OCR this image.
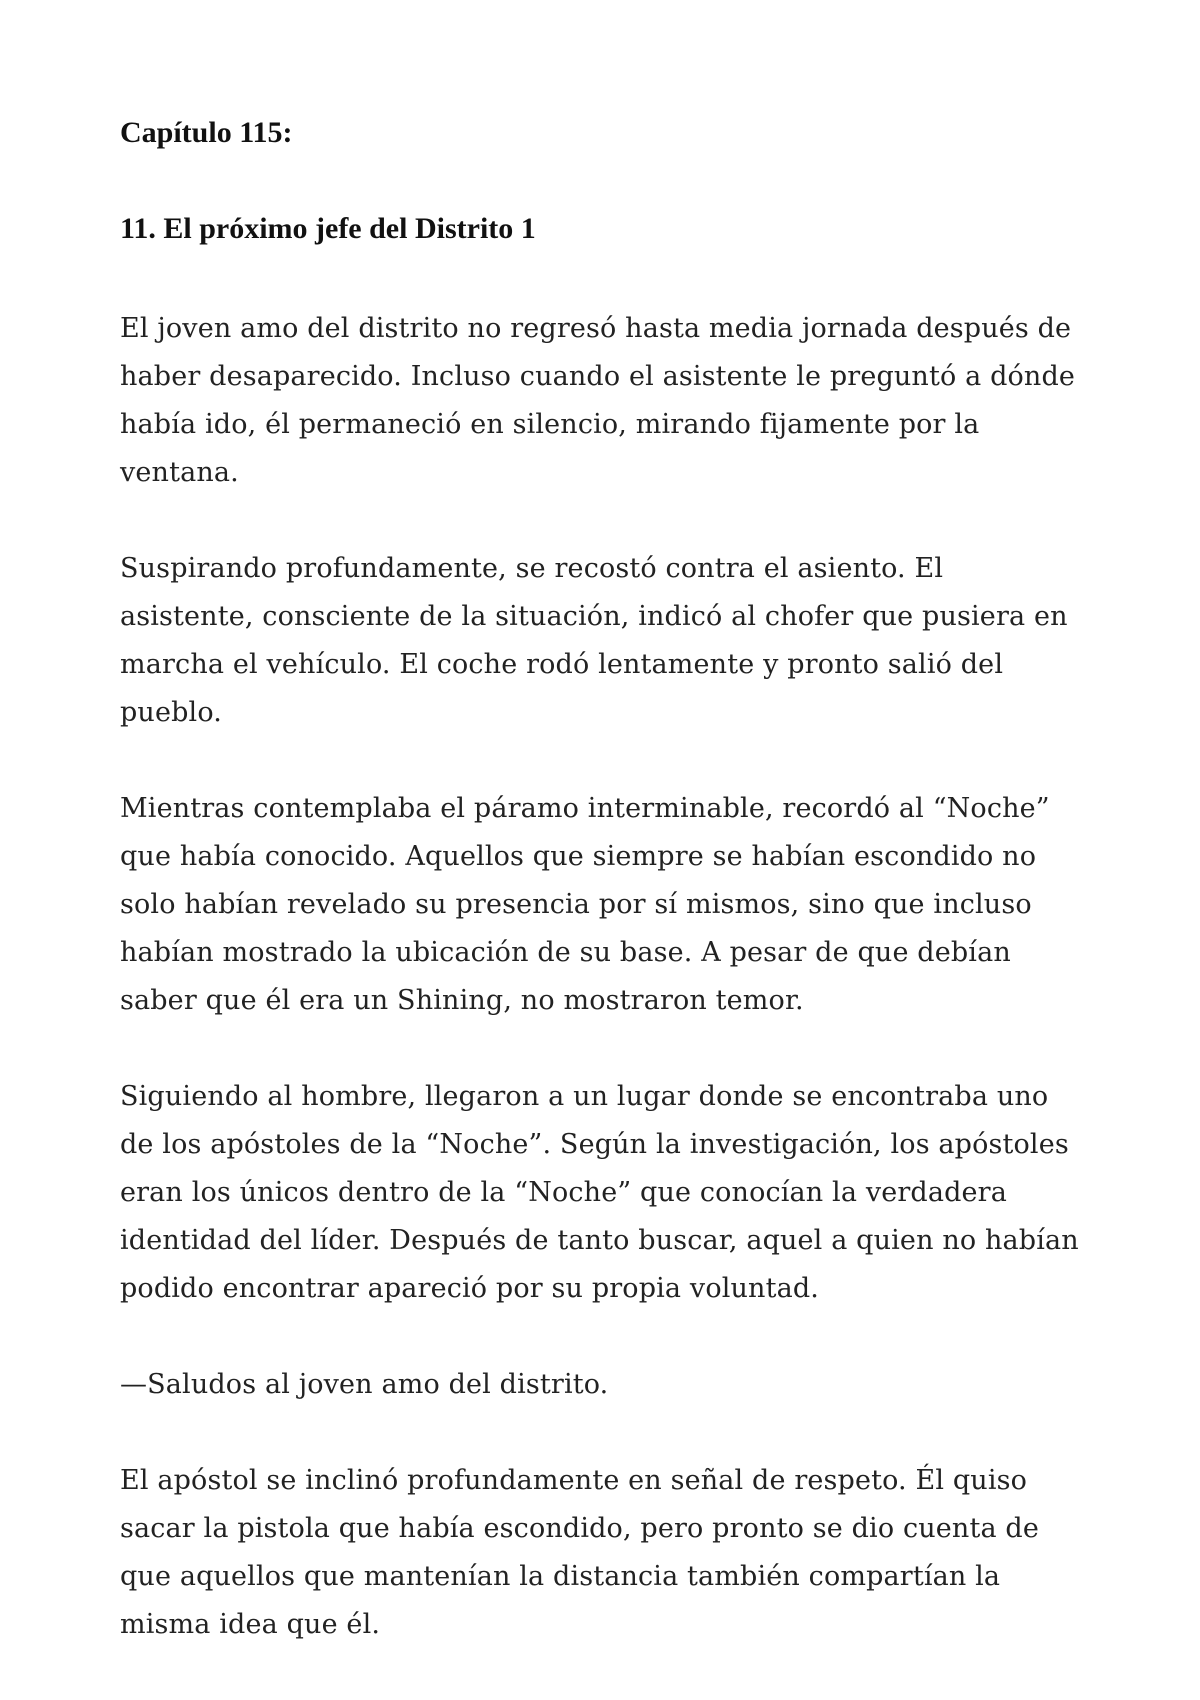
Capítulo 115:
11. El próximo jefe del Distrito 1

El joven amo del distrito no regresó hasta media jornada después de haber desaparecido. Incluso cuando el asistente le preguntó a dónde había ido, él permaneció en silencio, mirando fijamente por la ventana.

Suspirando profundamente, se recostó contra el asiento. El asistente, consciente de la situación, indicó al chofer que pusiera en marcha el vehículo. El coche rodó lentamente y pronto salió del pueblo.

Mientras contemplaba el páramo interminable, recordó al “Noche” que había conocido. Aquellos que siempre se habían escondido no solo habían revelado su presencia por sí mismos, sino que incluso habían mostrado la ubicación de su base. A pesar de que debían saber que él era un Shining, no mostraron temor.

Siguiendo al hombre, llegaron a un lugar donde se encontraba uno de los apóstoles de la “Noche”. Según la investigación, los apóstoles eran los únicos dentro de la “Noche” que conocían la verdadera identidad del líder. Después de tanto buscar, aquel a quien no habían podido encontrar apareció por su propia voluntad.

—Saludos al joven amo del distrito.

El apóstol se inclinó profundamente en señal de respeto. Él quiso sacar la pistola que había escondido, pero pronto se dio cuenta de que aquellos que mantenían la distancia también compartían la misma idea que él.
